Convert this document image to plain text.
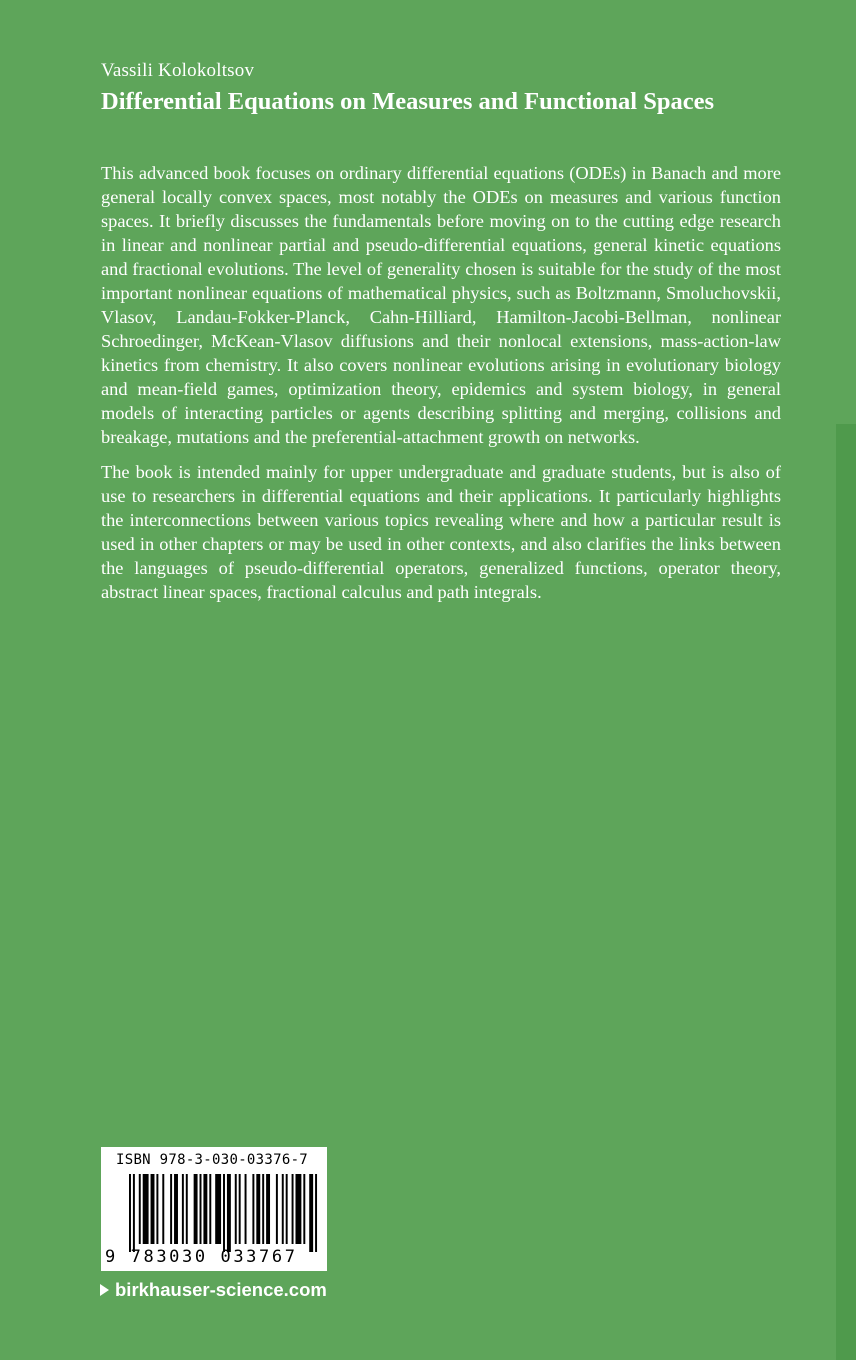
Vassili Kolokoltsov
Differential Equations on Measures and Functional Spaces

This advanced book focuses on ordinary differential equations (ODEs) in Banach and more general locally convex spaces, most notably the ODEs on measures and various function spaces. It briefly discusses the fundamentals before moving on to the cutting edge research in linear and nonlinear partial and pseudo-differential equations, general kinetic equations and fractional evolutions. The level of generality chosen is suitable for the study of the most important nonlinear equations of mathematical physics, such as Boltzmann, Smoluchovskii, Vlasov, Landau-Fokker-Planck, Cahn-Hilliard, Hamilton-Jacobi-Bellman, nonlinear Schroedinger, McKean-Vlasov diffusions and their nonlocal extensions, mass-action-law kinetics from chemistry. It also covers nonlinear evolutions arising in evolutionary biology and mean-field games, optimization theory, epidemics and system biology, in general models of interacting particles or agents describing splitting and merging, collisions and breakage, mutations and the preferential-attachment growth on networks.

The book is intended mainly for upper undergraduate and graduate students, but is also of use to researchers in differential equations and their applications. It particularly highlights the interconnections between various topics revealing where and how a particular result is used in other chapters or may be used in other contexts, and also clarifies the links between the languages of pseudo-differential operators, generalized functions, operator theory, abstract linear spaces, fractional calculus and path integrals.

ISBN 978-3-030-03376-7
9 783030 033767
birkhauser-science.com
